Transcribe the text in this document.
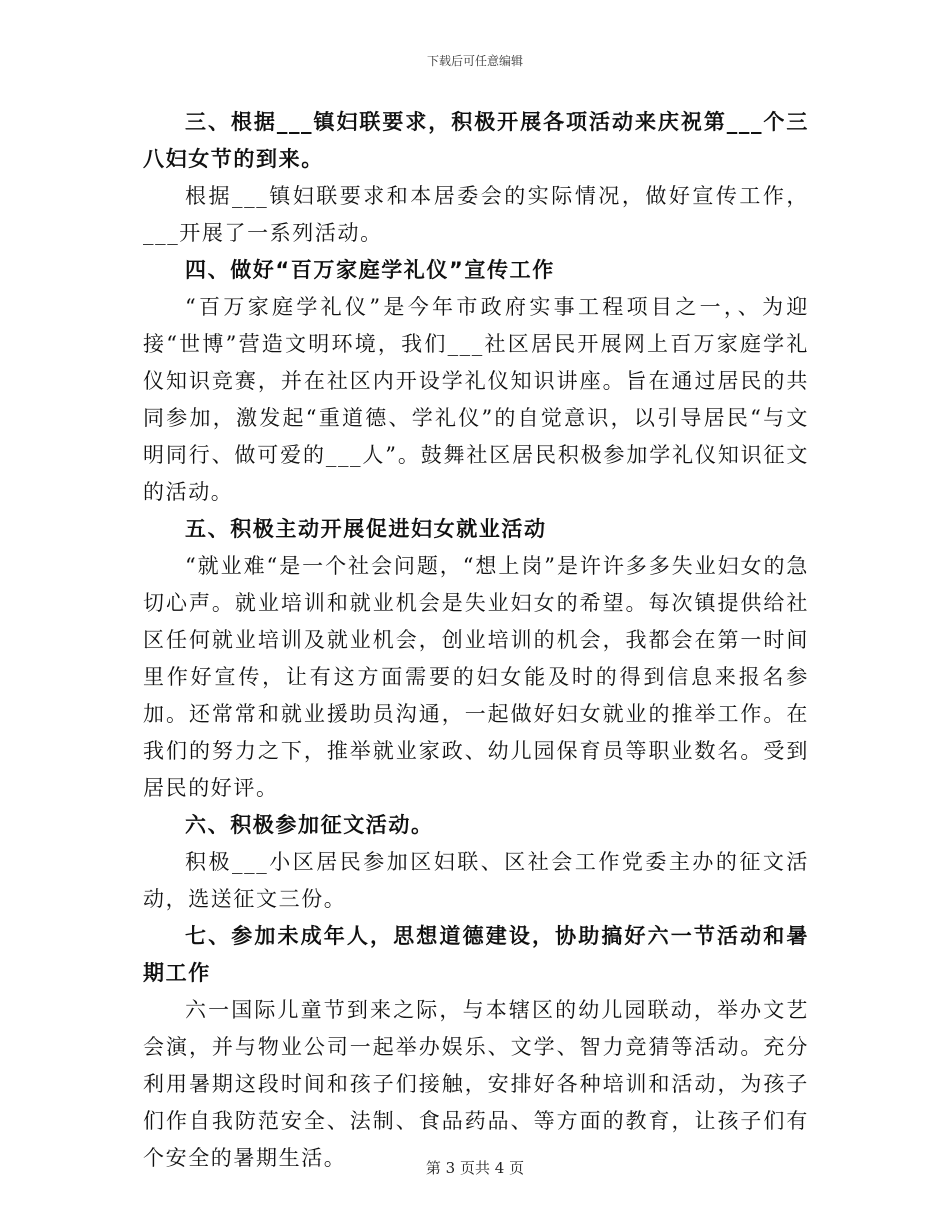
下载后可任意编辑

三、根据___镇妇联要求，积极开展各项活动来庆祝第___个三八妇女节的到来。

根据___镇妇联要求和本居委会的实际情况，做好宣传工作，___开展了一系列活动。

四、做好“百万家庭学礼仪”宣传工作

“百万家庭学礼仪”是今年市政府实事工程项目之一，、为迎接“世博”营造文明环境，我们___社区居民开展网上百万家庭学礼仪知识竞赛，并在社区内开设学礼仪知识讲座。旨在通过居民的共同参加，激发起“重道德、学礼仪”的自觉意识，以引导居民“与文明同行、做可爱的___人”。鼓舞社区居民积极参加学礼仪知识征文的活动。

五、积极主动开展促进妇女就业活动

“就业难“是一个社会问题，“想上岗”是许许多多失业妇女的急切心声。就业培训和就业机会是失业妇女的希望。每次镇提供给社区任何就业培训及就业机会，创业培训的机会，我都会在第一时间里作好宣传，让有这方面需要的妇女能及时的得到信息来报名参加。还常常和就业援助员沟通，一起做好妇女就业的推举工作。在我们的努力之下，推举就业家政、幼儿园保育员等职业数名。受到居民的好评。

六、积极参加征文活动。

积极___小区居民参加区妇联、区社会工作党委主办的征文活动，选送征文三份。

七、参加未成年人，思想道德建设，协助搞好六一节活动和暑期工作

六一国际儿童节到来之际，与本辖区的幼儿园联动，举办文艺会演，并与物业公司一起举办娱乐、文学、智力竞猜等活动。充分利用暑期这段时间和孩子们接触，安排好各种培训和活动，为孩子们作自我防范安全、法制、食品药品、等方面的教育，让孩子们有个安全的暑期生活。	第 3 页共 4 页
